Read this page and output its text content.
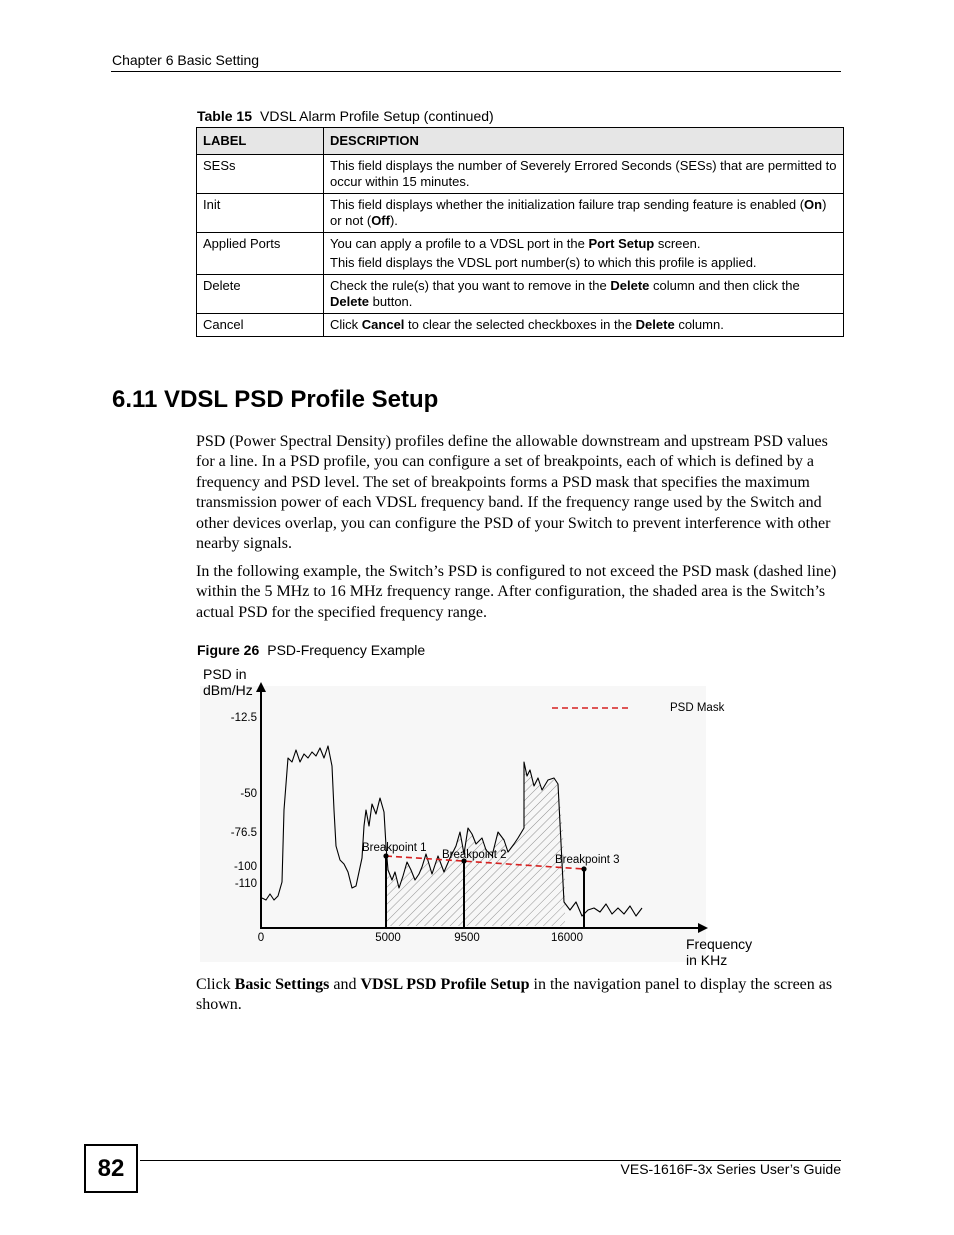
Chapter 6 Basic Setting
Table 15 VDSL Alarm Profile Setup (continued)
LABEL	DESCRIPTION
SESs	This field displays the number of Severely Errored Seconds (SESs) that are permitted to occur within 15 minutes.

Init	This field displays whether the initialization failure trap sending feature is enabled (On) or not (Off).

Applied Ports	You can apply a profile to a VDSL port in the Port Setup screen.

This field displays the VDSL port number(s) to which this profile is applied.

Delete	Check the rule(s) that you want to remove in the Delete column and then click the Delete button.

Cancel	Click Cancel to clear the selected checkboxes in the Delete column.

6.11 VDSL PSD Profile Setup

PSD (Power Spectral Density) profiles define the allowable downstream and upstream PSD values for a line. In a PSD profile, you can configure a set of breakpoints, each of which is defined by a frequency and PSD level. The set of breakpoints forms a PSD mask that specifies the maximum transmission power of each VDSL frequency band. If the frequency range used by the Switch and other devices overlap, you can configure the PSD of your Switch to prevent interference with other nearby signals.

In the following example, the Switch’s PSD is configured to not exceed the PSD mask (dashed line) within the 5 MHz to 16 MHz frequency range. After configuration, the shaded area is the Switch’s actual PSD for the specified frequency range.

Figure 26 PSD-Frequency Example
PSD Mask
Breakpoint 1
Breakpoint 2	Breakpoint 3
PSD in
dBm/Hz
-12.5
-50
-76.5
-100
-110
0	5000	9500	16000	Frequency
in KHz

Click Basic Settings and VDSL PSD Profile Setup in the navigation panel to display the screen as shown.

82	VES-1616F-3x Series User’s Guide
